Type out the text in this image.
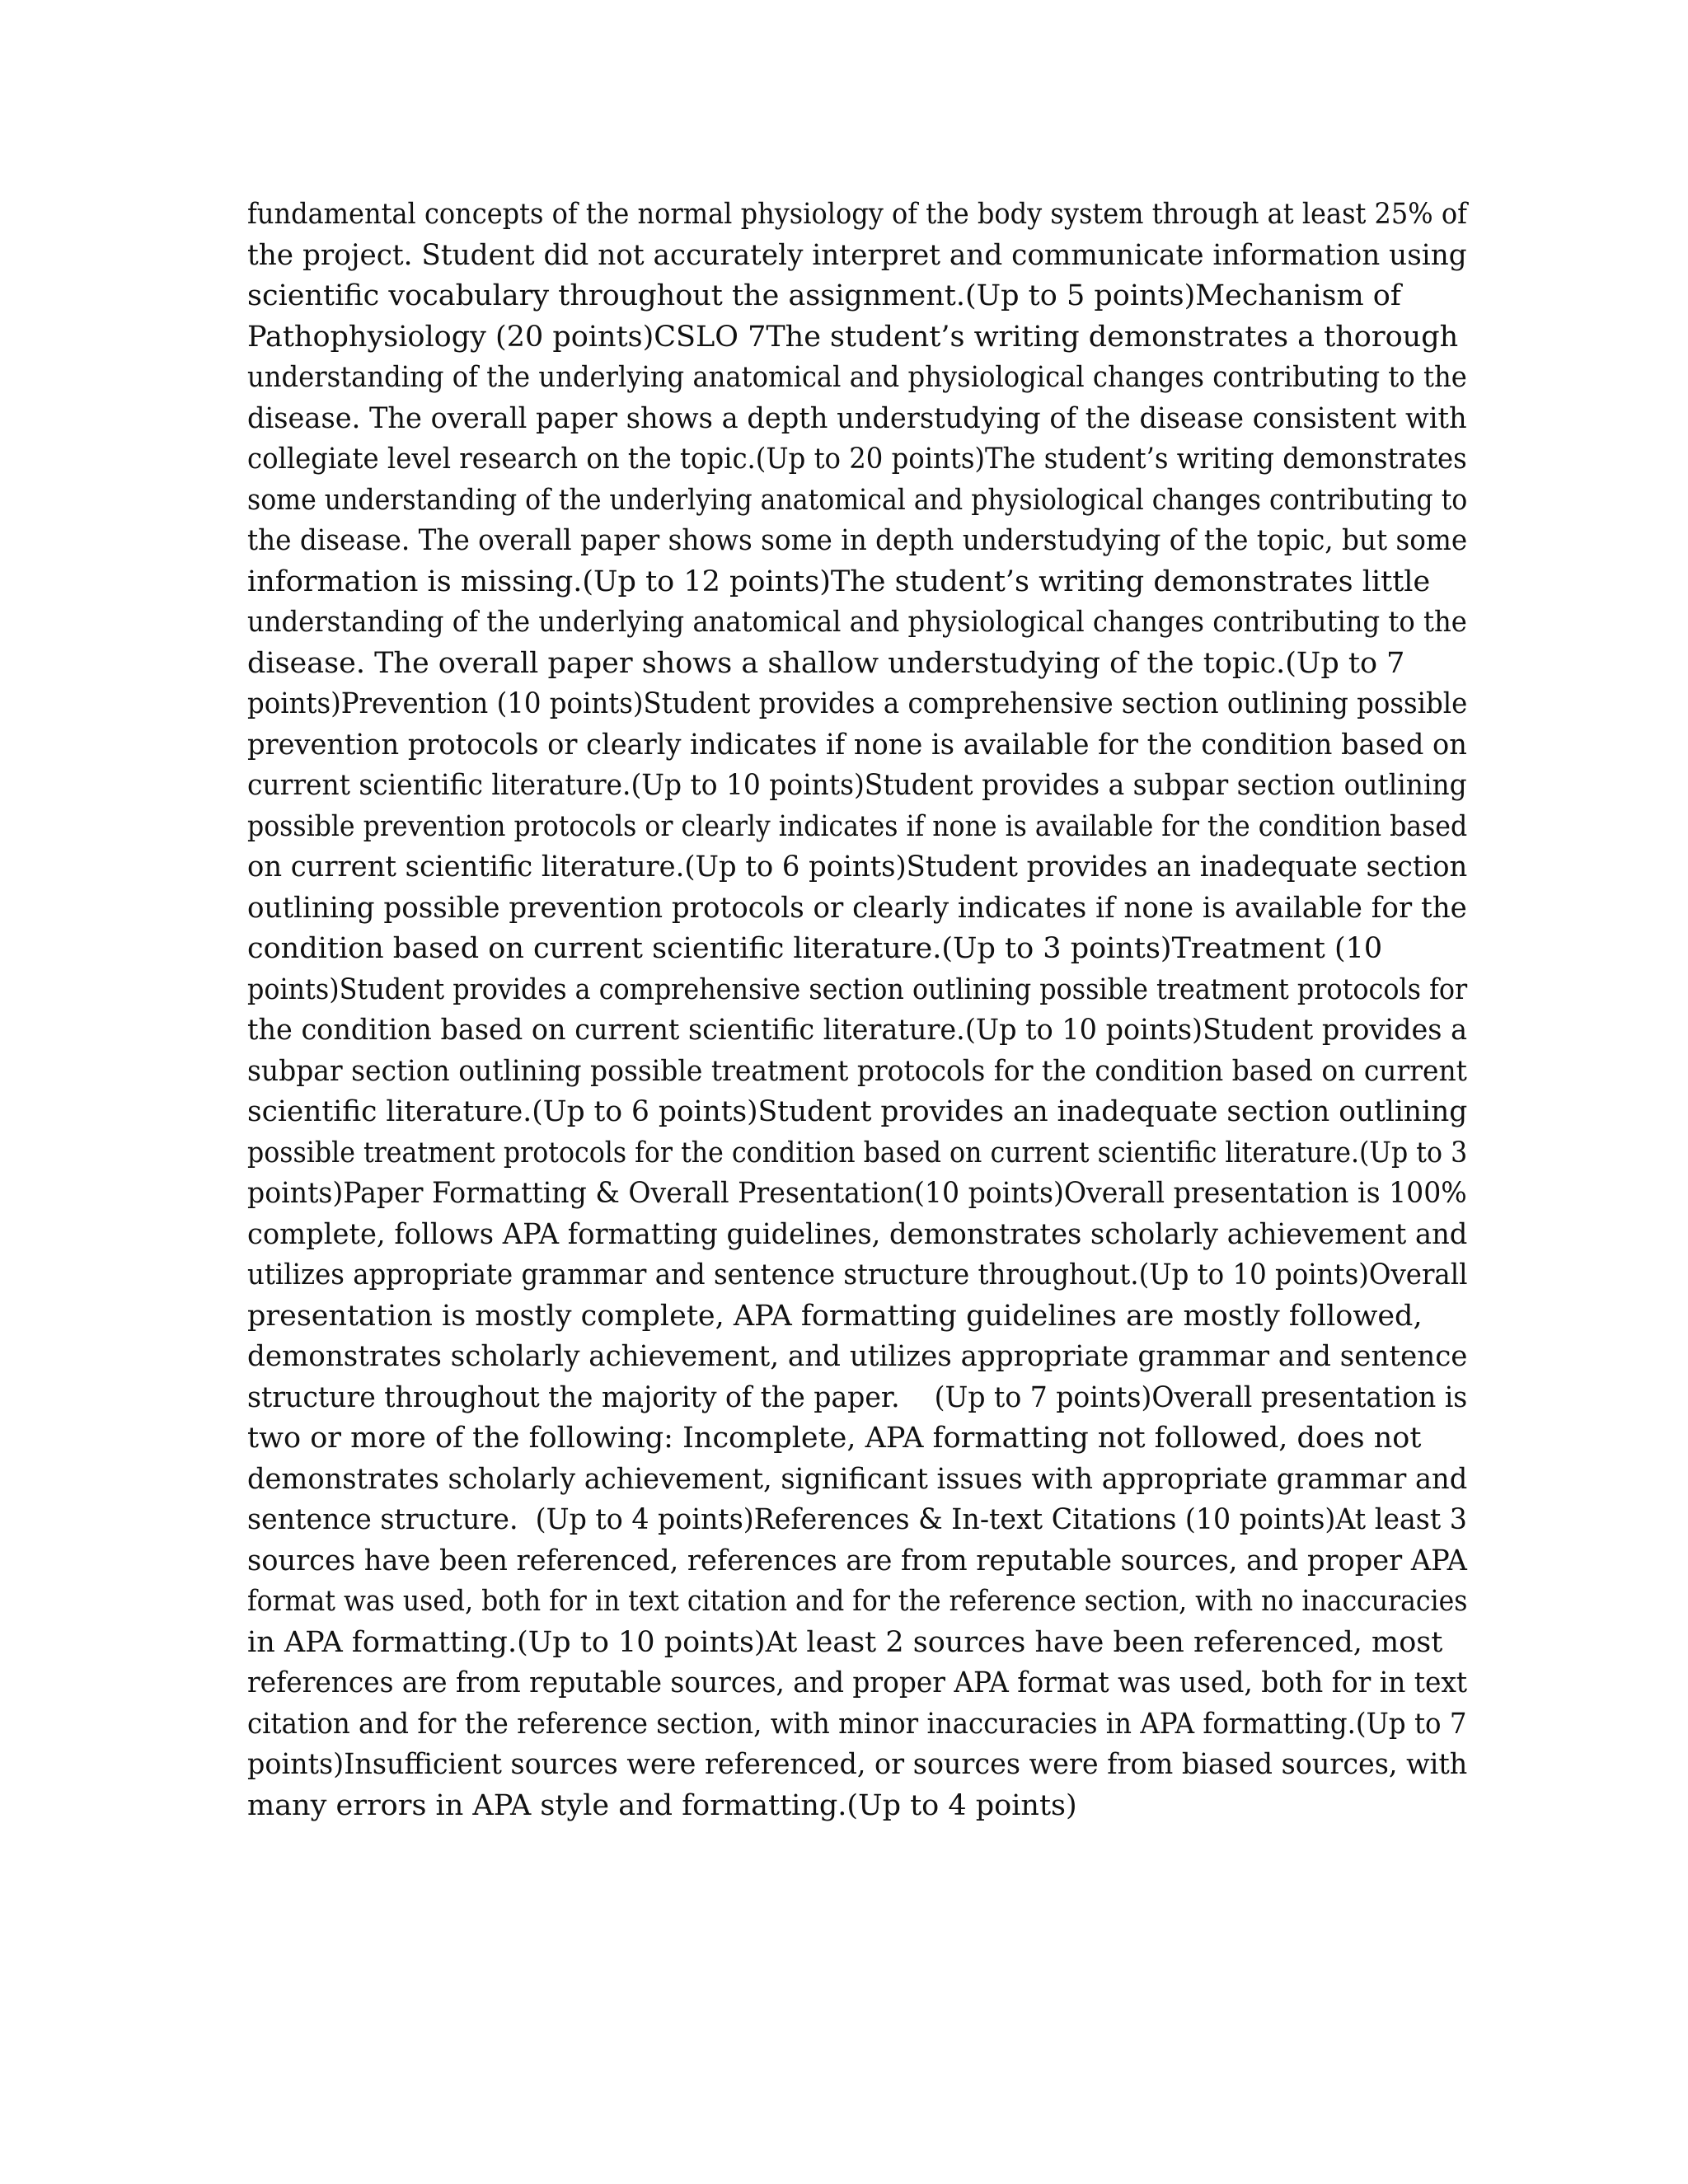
fundamental concepts of the normal physiology of the body system through at least 25% of
the project. Student did not accurately interpret and communicate information using
scientific vocabulary throughout the assignment.(Up to 5 points)Mechanism of
Pathophysiology (20 points)CSLO 7The student’s writing demonstrates a thorough
understanding of the underlying anatomical and physiological changes contributing to the
disease. The overall paper shows a depth understudying of the disease consistent with
collegiate level research on the topic.(Up to 20 points)The student’s writing demonstrates
some understanding of the underlying anatomical and physiological changes contributing to
the disease. The overall paper shows some in depth understudying of the topic, but some
information is missing.(Up to 12 points)The student’s writing demonstrates little
understanding of the underlying anatomical and physiological changes contributing to the
disease. The overall paper shows a shallow understudying of the topic.(Up to 7
points)Prevention (10 points)Student provides a comprehensive section outlining possible
prevention protocols or clearly indicates if none is available for the condition based on
current scientific literature.(Up to 10 points)Student provides a subpar section outlining
possible prevention protocols or clearly indicates if none is available for the condition based
on current scientific literature.(Up to 6 points)Student provides an inadequate section
outlining possible prevention protocols or clearly indicates if none is available for the
condition based on current scientific literature.(Up to 3 points)Treatment (10
points)Student provides a comprehensive section outlining possible treatment protocols for
the condition based on current scientific literature.(Up to 10 points)Student provides a
subpar section outlining possible treatment protocols for the condition based on current
scientific literature.(Up to 6 points)Student provides an inadequate section outlining
possible treatment protocols for the condition based on current scientific literature.(Up to 3
points)Paper Formatting & Overall Presentation(10 points)Overall presentation is 100%
complete, follows APA formatting guidelines, demonstrates scholarly achievement and
utilizes appropriate grammar and sentence structure throughout.(Up to 10 points)Overall
presentation is mostly complete, APA formatting guidelines are mostly followed,
demonstrates scholarly achievement, and utilizes appropriate grammar and sentence
structure throughout the majority of the paper.    (Up to 7 points)Overall presentation is
two or more of the following: Incomplete, APA formatting not followed, does not
demonstrates scholarly achievement, significant issues with appropriate grammar and
sentence structure.  (Up to 4 points)References & In-text Citations (10 points)At least 3
sources have been referenced, references are from reputable sources, and proper APA
format was used, both for in text citation and for the reference section, with no inaccuracies
in APA formatting.(Up to 10 points)At least 2 sources have been referenced, most
references are from reputable sources, and proper APA format was used, both for in text
citation and for the reference section, with minor inaccuracies in APA formatting.(Up to 7
points)Insufficient sources were referenced, or sources were from biased sources, with
many errors in APA style and formatting.(Up to 4 points)
